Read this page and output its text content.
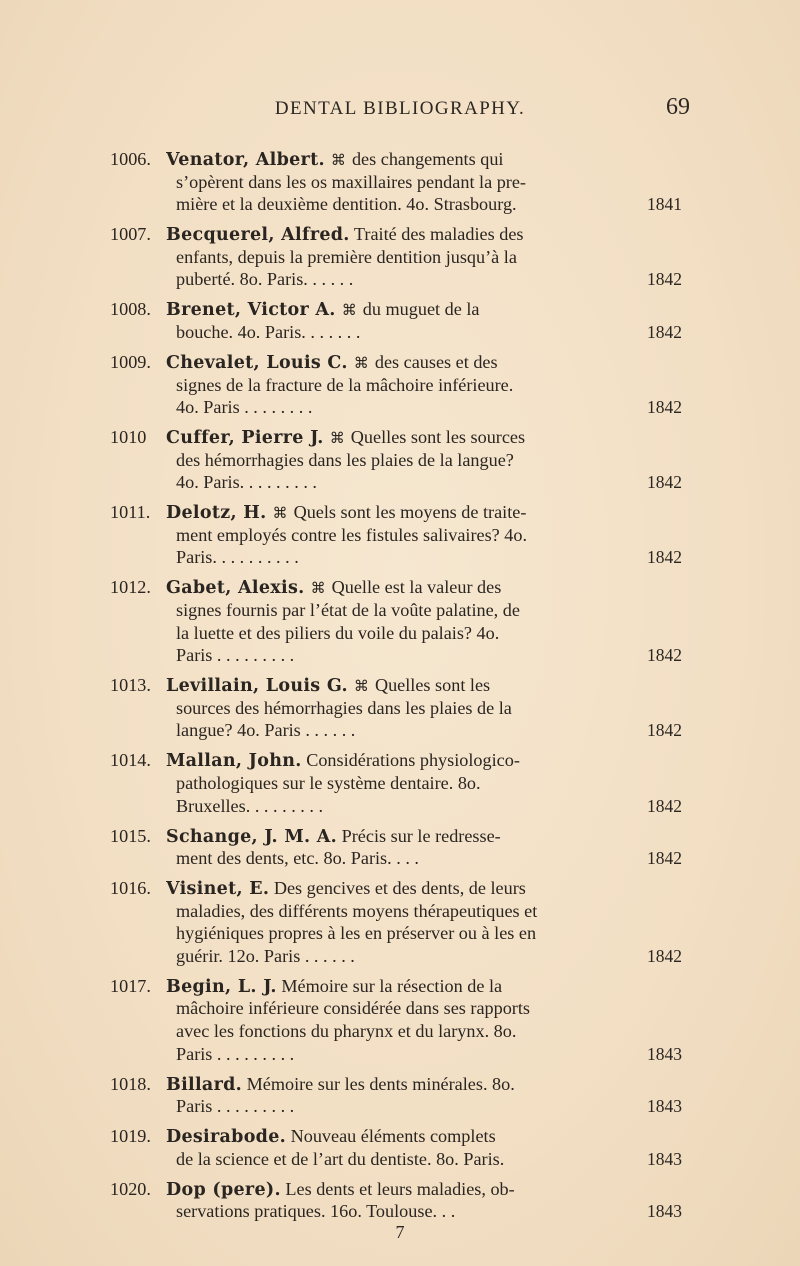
DENTAL BIBLIOGRAPHY.	69
1006. Venator, Albert. ⌘ des changements qui
s’opèrent dans les os maxillaires pendant la pre-
mière et la deuxième dentition. 4o. Strasbourg.	1841
1007. Becquerel, Alfred. Traité des maladies des
enfants, depuis la première dentition jusqu’à la
puberté. 8o. Paris. . . . . .	1842
1008. Brenet, Victor A. ⌘ du muguet de la
bouche. 4o. Paris. . . . . . .	1842
1009. Chevalet, Louis C. ⌘ des causes et des
signes de la fracture de la mâchoire inférieure.
4o. Paris . . . . . . . .	1842
1010 Cuffer, Pierre J. ⌘ Quelles sont les sources
des hémorrhagies dans les plaies de la langue?
4o. Paris. . . . . . . . .	1842
1011. Delotz, H. ⌘ Quels sont les moyens de traite-
ment employés contre les fistules salivaires? 4o.
Paris. . . . . . . . . .	1842
1012. Gabet, Alexis. ⌘ Quelle est la valeur des
signes fournis par l’état de la voûte palatine, de
la luette et des piliers du voile du palais? 4o.
Paris . . . . . . . . .	1842
1013. Levillain, Louis G. ⌘ Quelles sont les
sources des hémorrhagies dans les plaies de la
langue? 4o. Paris . . . . . .	1842
1014. Mallan, John. Considérations physiologico-
pathologiques sur le système dentaire. 8o.
Bruxelles. . . . . . . . .	1842
1015. Schange, J. M. A. Précis sur le redresse-
ment des dents, etc. 8o. Paris. . . .	1842
1016. Visinet, E. Des gencives et des dents, de leurs
maladies, des différents moyens thérapeutiques et
hygiéniques propres à les en préserver ou à les en
guérir. 12o. Paris . . . . . .	1842
1017. Begin, L. J. Mémoire sur la résection de la
mâchoire inférieure considérée dans ses rapports
avec les fonctions du pharynx et du larynx. 8o.
Paris . . . . . . . . .	1843
1018. Billard. Mémoire sur les dents minérales. 8o.
Paris . . . . . . . . .	1843
1019. Desirabode. Nouveau éléments complets
de la science et de l’art du dentiste. 8o. Paris.	1843
1020. Dop (pere). Les dents et leurs maladies, ob-
servations pratiques. 16o. Toulouse. . .	1843
7
